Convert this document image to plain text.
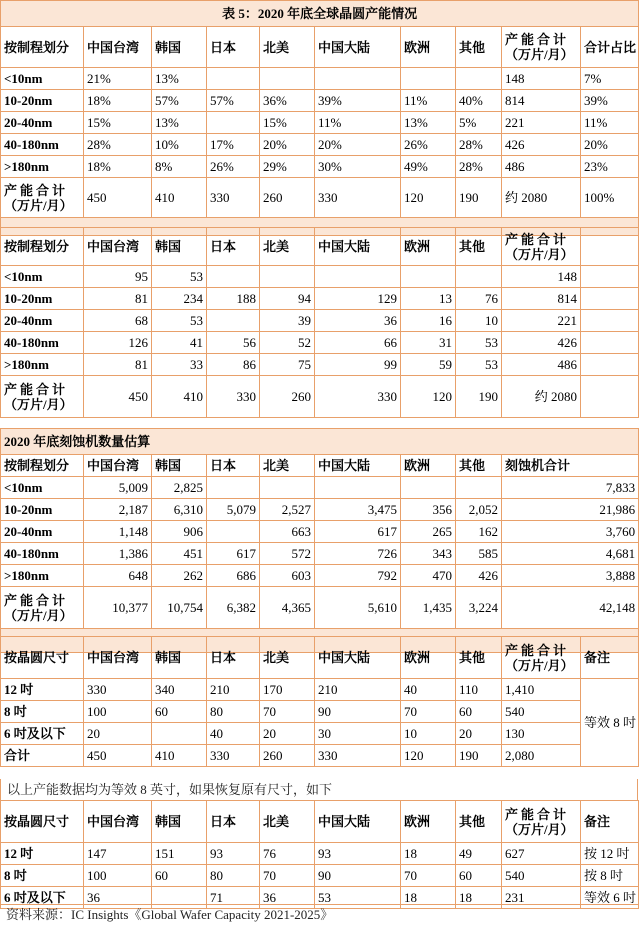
表 5：2020 年底全球晶圆产能情况									
按制程划分	中国台湾	韩国	日本	北美	中国大陆	欧洲	其他	产能合计
（万片/月）	合计占比
<10nm	21%	13%						148	7%
10-20nm	18%	57%	57%	36%	39%	11%	40%	814	39%
20-40nm	15%	13%		15%	11%	13%	5%	221	11%
40-180nm	28%	10%	17%	20%	20%	26%	28%	426	20%
>180nm	18%	8%	26%	29%	30%	49%	28%	486	23%

产能合计
（万片/月）	450	410	330	260	330	120	190	约 2080	100%

按制程划分	中国台湾	韩国	日本	北美	中国大陆	欧洲	其他	产能合计
（万片/月）	

<10nm	95	53						148	
10-20nm	81	234	188	94	129	13	76	814	
20-40nm	68	53		39	36	16	10	221	
40-180nm	126	41	56	52	66	31	53	426	
>180nm	81	33	86	75	99	59	53	486	

产能合计
（万片/月）	450	410	330	260	330	120	190	约 2080	
2020 年底刻蚀机数量估算								
按制程划分	中国台湾	韩国	日本	北美	中国大陆	欧洲	其他	刻蚀机合计
<10nm	5,009	2,825						7,833
10-20nm	2,187	6,310	5,079	2,527	3,475	356	2,052	21,986
20-40nm	1,148	906		663	617	265	162	3,760
40-180nm	1,386	451	617	572	726	343	585	4,681
>180nm	648	262	686	603	792	470	426	3,888

产能合计
（万片/月）	10,377	10,754	6,382	4,365	5,610	1,435	3,224	42,148

按晶圆尺寸	中国台湾	韩国	日本	北美	中国大陆	欧洲	其他	产能合计
（万片/月）	备注
12 吋	330	340	210	170	210	40	110	1,410	等效 8 吋
8 吋	100	60	80	70	90	70	60	540	
6 吋及以下	20		40	20	30	10	20	130	
合计	450	410	330	260	330	120	190	2,080	
以上产能数据均为等效 8 英寸，如果恢复原有尺寸，如下
按晶圆尺寸	中国台湾	韩国	日本	北美	中国大陆	欧洲	其他	产能合计
（万片/月）	备注
12 吋	147	151	93	76	93	18	49	627	按 12 吋
8 吋	100	60	80	70	90	70	60	540	按 8 吋
6 吋及以下	36		71	36	53	18	18	231	等效 6 吋
资料来源：IC Insights《Global Wafer Capacity 2021-2025》
